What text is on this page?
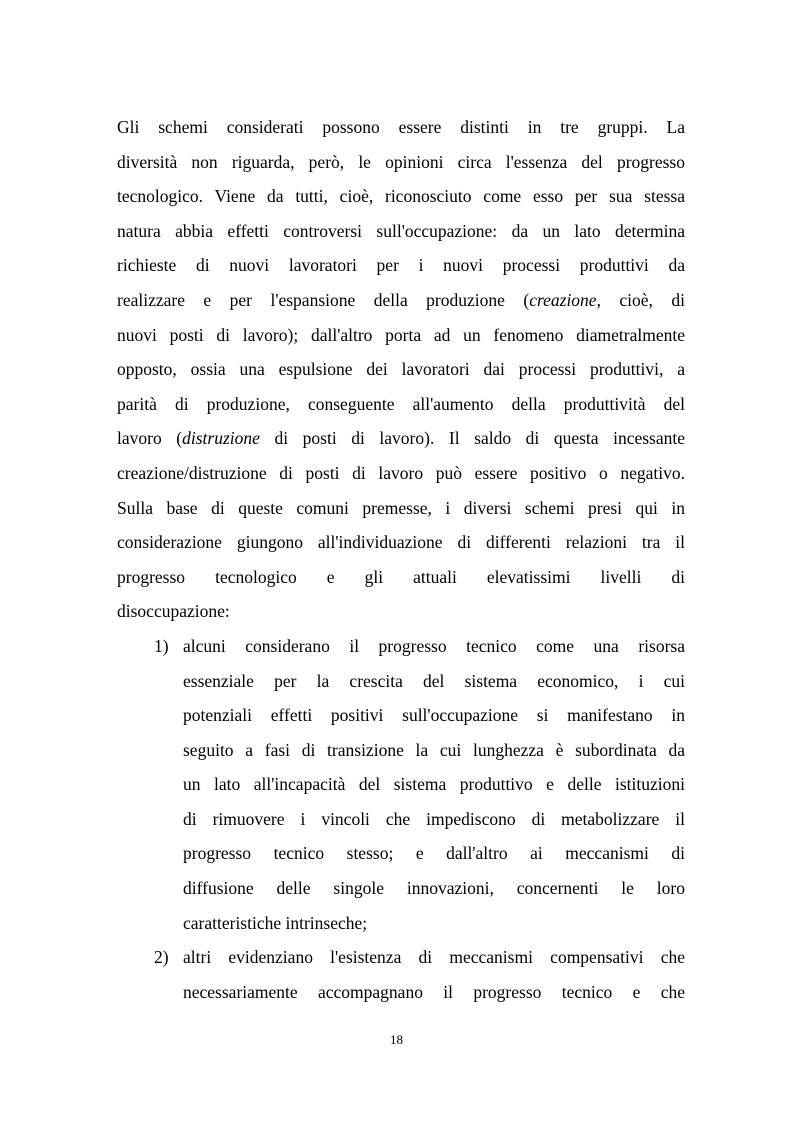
Gli schemi considerati possono essere distinti in tre gruppi. La
diversità non riguarda, però, le opinioni circa l'essenza del progresso
tecnologico. Viene da tutti, cioè, riconosciuto come esso per sua stessa
natura abbia effetti controversi sull'occupazione: da un lato determina
richieste di nuovi lavoratori per i nuovi processi produttivi da
realizzare e per l'espansione della produzione (creazione, cioè, di
nuovi posti di lavoro); dall'altro porta ad un fenomeno diametralmente
opposto, ossia una espulsione dei lavoratori dai processi produttivi, a
parità di produzione, conseguente all'aumento della produttività del
lavoro (distruzione di posti di lavoro). Il saldo di questa incessante
creazione/distruzione di posti di lavoro può essere positivo o negativo.
Sulla base di queste comuni premesse, i diversi schemi presi qui in
considerazione giungono all'individuazione di differenti relazioni tra il
progresso tecnologico e gli attuali elevatissimi livelli di
disoccupazione:
1) alcuni considerano il progresso tecnico come una risorsa
essenziale per la crescita del sistema economico, i cui
potenziali effetti positivi sull'occupazione si manifestano in
seguito a fasi di transizione la cui lunghezza è subordinata da
un lato all'incapacità del sistema produttivo e delle istituzioni
di rimuovere i vincoli che impediscono di metabolizzare il
progresso tecnico stesso; e dall'altro ai meccanismi di
diffusione delle singole innovazioni, concernenti le loro
caratteristiche intrinseche;
2) altri evidenziano l'esistenza di meccanismi compensativi che
necessariamente accompagnano il progresso tecnico e che
18
